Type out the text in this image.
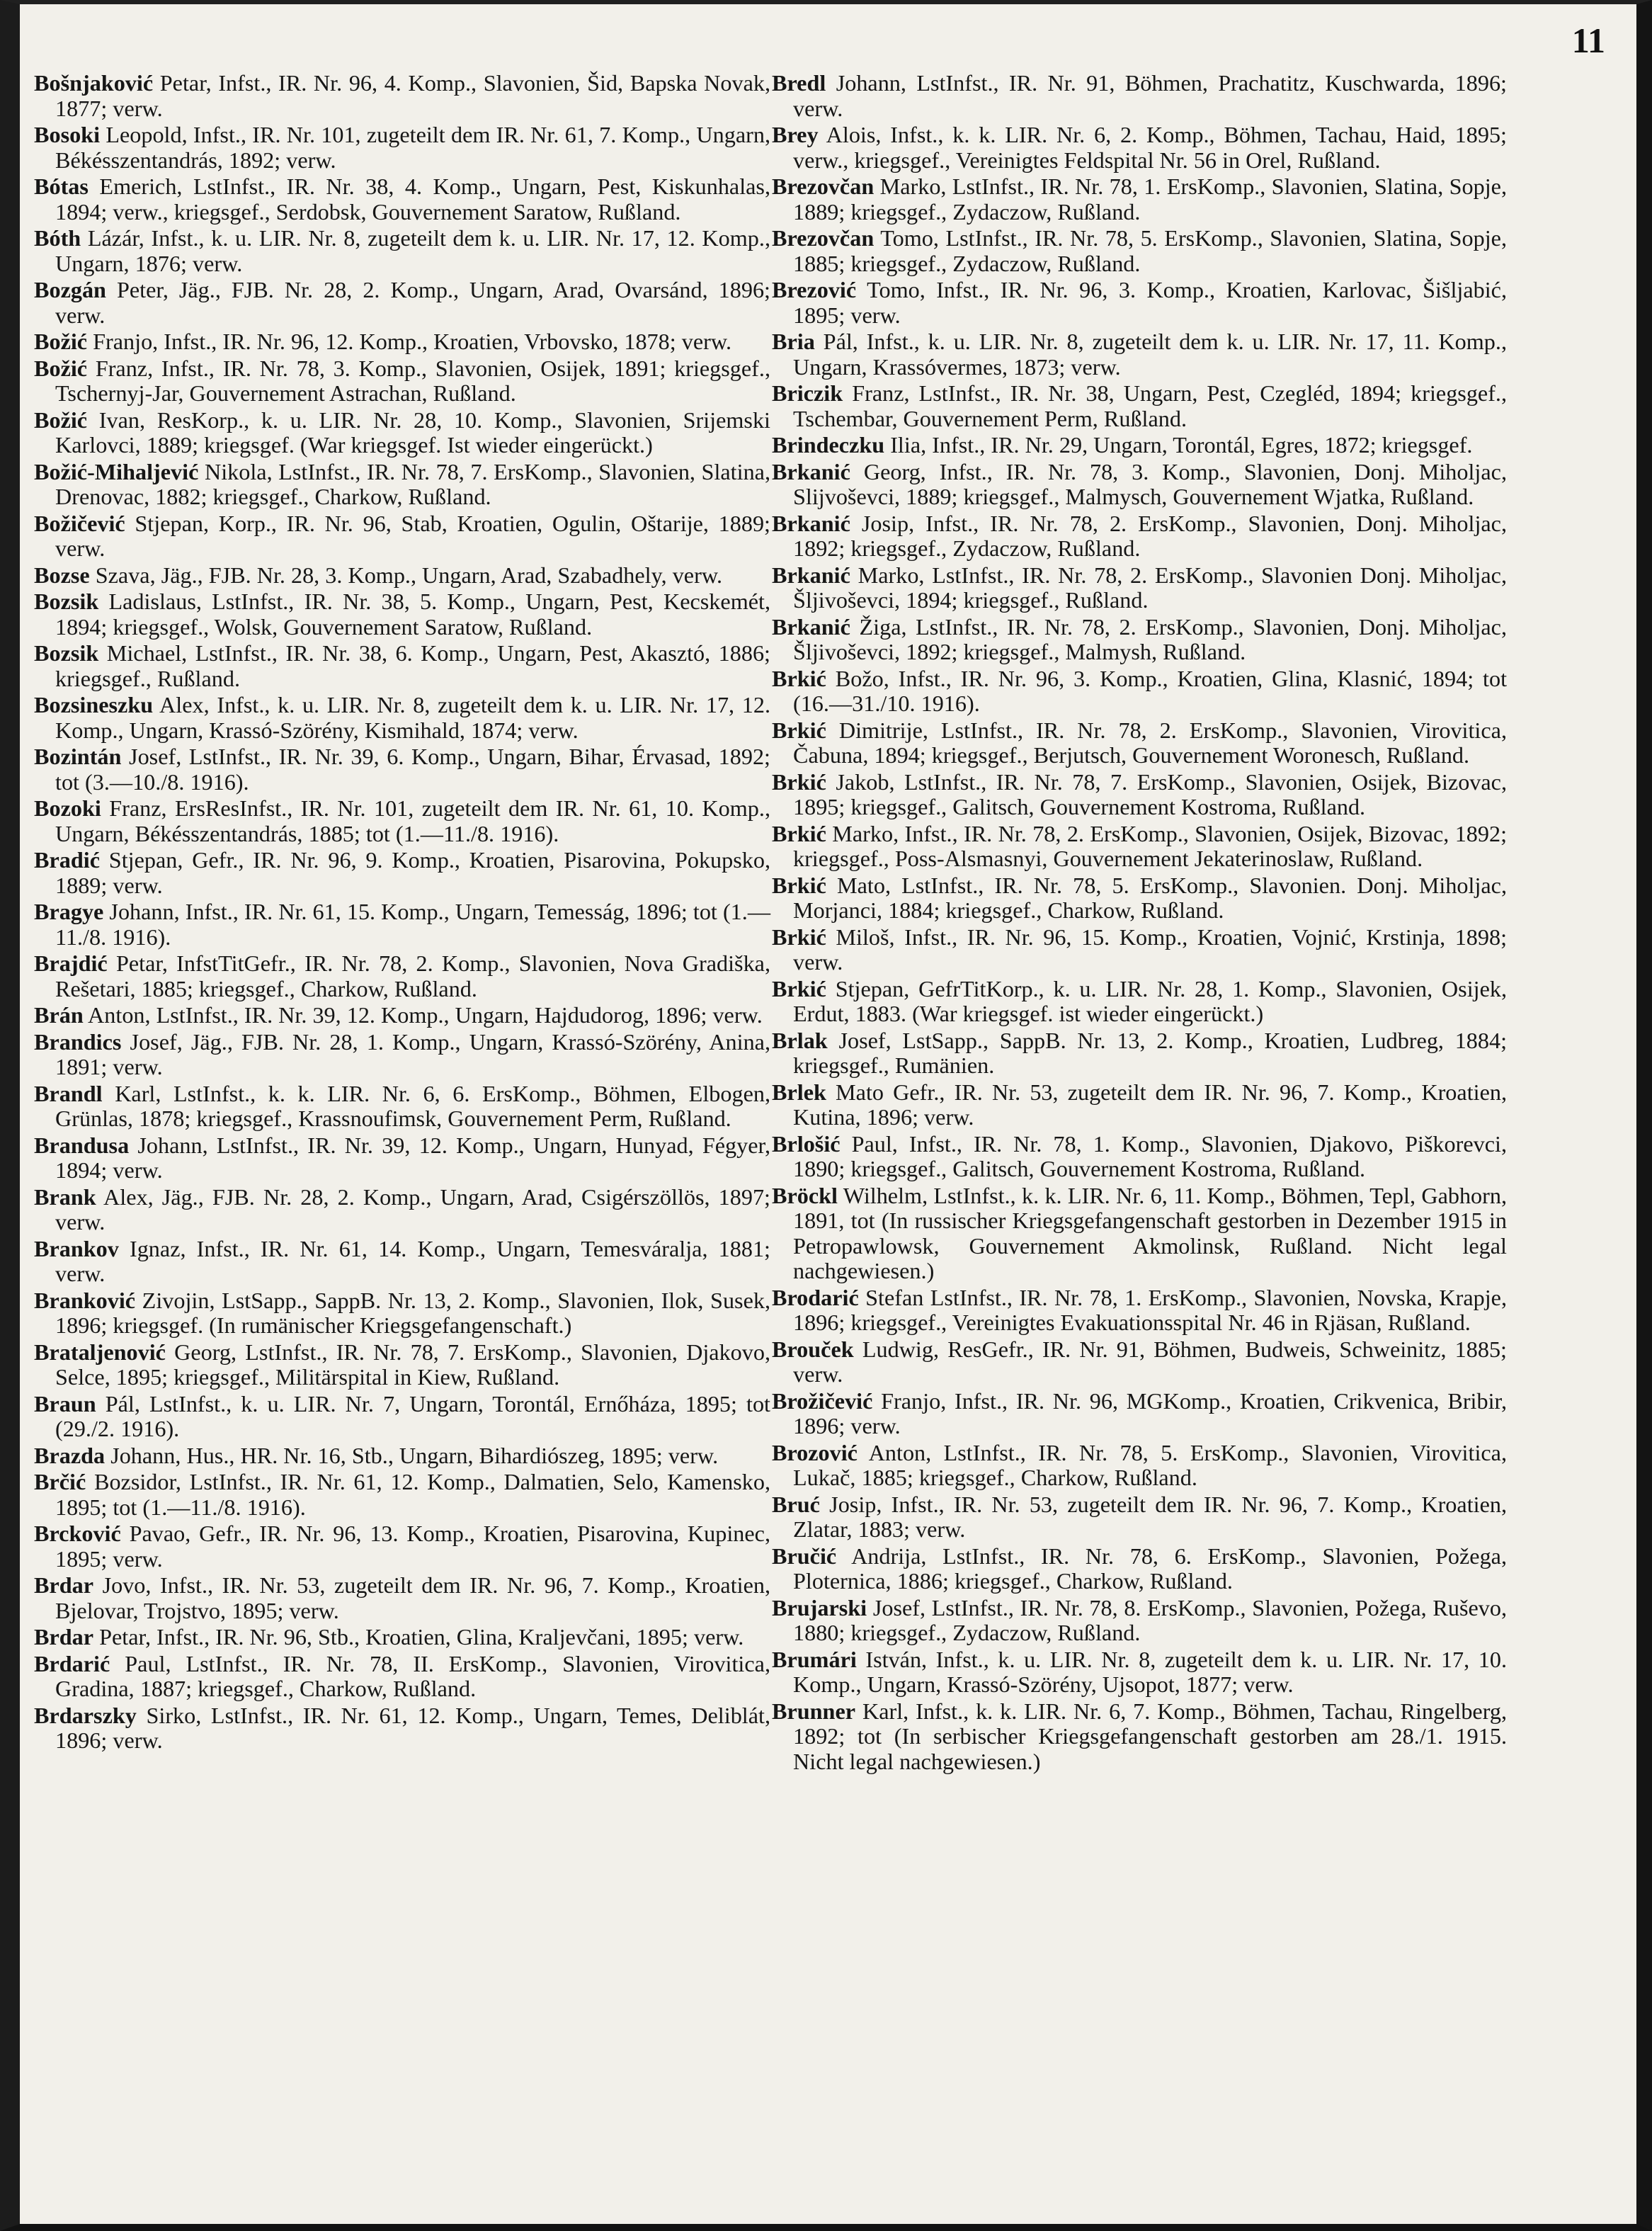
11

Bošnjaković Petar, Infst., IR. Nr. 96, 4. Komp., Slavonien, Šid, Bapska Novak, 1877; verw.

Bosoki Leopold, Infst., IR. Nr. 101, zugeteilt dem IR. Nr. 61, 7. Komp., Ungarn, Békésszentandrás, 1892; verw.

Bótas Emerich, LstInfst., IR. Nr. 38, 4. Komp., Ungarn, Pest, Kiskunhalas, 1894; verw., kriegsgef., Serdobsk, Gouvernement Saratow, Rußland.

Bóth Lázár, Infst., k. u. LIR. Nr. 8, zugeteilt dem k. u. LIR. Nr. 17, 12. Komp., Ungarn, 1876; verw.

Bozgán Peter, Jäg., FJB. Nr. 28, 2. Komp., Ungarn, Arad, Ovarsánd, 1896; verw.

Božić Franjo, Infst., IR. Nr. 96, 12. Komp., Kroatien, Vrbovsko, 1878; verw.

Božić Franz, Infst., IR. Nr. 78, 3. Komp., Slavonien, Osijek, 1891; kriegsgef., Tschernyj-Jar, Gouvernement Astrachan, Rußland.

Božić Ivan, ResKorp., k. u. LIR. Nr. 28, 10. Komp., Slavonien, Srijemski Karlovci, 1889; kriegsgef. (War kriegsgef. Ist wieder eingerückt.)

Božić-Mihaljević Nikola, LstInfst., IR. Nr. 78, 7. ErsKomp., Slavonien, Slatina, Drenovac, 1882; kriegsgef., Charkow, Rußland.

Božičević Stjepan, Korp., IR. Nr. 96, Stab, Kroatien, Ogulin, Oštarije, 1889; verw.

Bozse Szava, Jäg., FJB. Nr. 28, 3. Komp., Ungarn, Arad, Szabadhely, verw.

Bozsik Ladislaus, LstInfst., IR. Nr. 38, 5. Komp., Ungarn, Pest, Kecskemét, 1894; kriegsgef., Wolsk, Gouvernement Saratow, Rußland.

Bozsik Michael, LstInfst., IR. Nr. 38, 6. Komp., Ungarn, Pest, Akasztó, 1886; kriegsgef., Rußland.

Bozsineszku Alex, Infst., k. u. LIR. Nr. 8, zugeteilt dem k. u. LIR. Nr. 17, 12. Komp., Ungarn, Krassó-Szörény, Kismihald, 1874; verw.

Bozintán Josef, LstInfst., IR. Nr. 39, 6. Komp., Ungarn, Bihar, Érvasad, 1892; tot (3.—10./8. 1916).

Bozoki Franz, ErsResInfst., IR. Nr. 101, zugeteilt dem IR. Nr. 61, 10. Komp., Ungarn, Békésszentandrás, 1885; tot (1.—11./8. 1916).

Bradić Stjepan, Gefr., IR. Nr. 96, 9. Komp., Kroatien, Pisarovina, Pokupsko, 1889; verw.

Bragye Johann, Infst., IR. Nr. 61, 15. Komp., Ungarn, Temesság, 1896; tot (1.—11./8. 1916).

Brajdić Petar, InfstTitGefr., IR. Nr. 78, 2. Komp., Slavonien, Nova Gradiška, Rešetari, 1885; kriegsgef., Charkow, Rußland.

Brán Anton, LstInfst., IR. Nr. 39, 12. Komp., Ungarn, Hajdudorog, 1896; verw.

Brandics Josef, Jäg., FJB. Nr. 28, 1. Komp., Ungarn, Krassó-Szörény, Anina, 1891; verw.

Brandl Karl, LstInfst., k. k. LIR. Nr. 6, 6. ErsKomp., Böhmen, Elbogen, Grünlas, 1878; kriegsgef., Krassnoufimsk, Gouvernement Perm, Rußland.

Brandusa Johann, LstInfst., IR. Nr. 39, 12. Komp., Ungarn, Hunyad, Fégyer, 1894; verw.

Brank Alex, Jäg., FJB. Nr. 28, 2. Komp., Ungarn, Arad, Csigérszöllös, 1897; verw.

Brankov Ignaz, Infst., IR. Nr. 61, 14. Komp., Ungarn, Temesváralja, 1881; verw.

Branković Zivojin, LstSapp., SappB. Nr. 13, 2. Komp., Slavonien, Ilok, Susek, 1896; kriegsgef. (In rumänischer Kriegsgefangenschaft.)

Bratalјenović Georg, LstInfst., IR. Nr. 78, 7. ErsKomp., Slavonien, Djakovo, Selce, 1895; kriegsgef., Militärspital in Kiew, Rußland.

Braun Pál, LstInfst., k. u. LIR. Nr. 7, Ungarn, Torontál, Ernőháza, 1895; tot (29./2. 1916).

Brazda Johann, Hus., HR. Nr. 16, Stb., Ungarn, Bihardiószeg, 1895; verw.

Brčić Bozsidor, LstInfst., IR. Nr. 61, 12. Komp., Dalmatien, Selo, Kamensko, 1895; tot (1.—11./8. 1916).

Brcković Pavao, Gefr., IR. Nr. 96, 13. Komp., Kroatien, Pisarovina, Kupinec, 1895; verw.

Brdar Jovo, Infst., IR. Nr. 53, zugeteilt dem IR. Nr. 96, 7. Komp., Kroatien, Bjelovar, Trojstvo, 1895; verw.

Brdar Petar, Infst., IR. Nr. 96, Stb., Kroatien, Glina, Kraljevčani, 1895; verw.

Brdarić Paul, LstInfst., IR. Nr. 78, II. ErsKomp., Slavonien, Virovitica, Gradina, 1887; kriegsgef., Charkow, Rußland.

Brdarszky Sirko, LstInfst., IR. Nr. 61, 12. Komp., Ungarn, Temes, Deliblát, 1896; verw.

Bredl Johann, LstInfst., IR. Nr. 91, Böhmen, Prachatitz, Kuschwarda, 1896; verw.

Brey Alois, Infst., k. k. LIR. Nr. 6, 2. Komp., Böhmen, Tachau, Haid, 1895; verw., kriegsgef., Vereinigtes Feldspital Nr. 56 in Orel, Rußland.

Brezovčan Marko, LstInfst., IR. Nr. 78, 1. ErsKomp., Slavonien, Slatina, Sopje, 1889; kriegsgef., Zydaczow, Rußland.

Brezovčan Tomo, LstInfst., IR. Nr. 78, 5. ErsKomp., Slavonien, Slatina, Sopje, 1885; kriegsgef., Zydaczow, Rußland.

Brezović Tomo, Infst., IR. Nr. 96, 3. Komp., Kroatien, Karlovac, Šišljabić, 1895; verw.

Bria Pál, Infst., k. u. LIR. Nr. 8, zugeteilt dem k. u. LIR. Nr. 17, 11. Komp., Ungarn, Krassóvermes, 1873; verw.

Briczik Franz, LstInfst., IR. Nr. 38, Ungarn, Pest, Czegléd, 1894; kriegsgef., Tschembar, Gouvernement Perm, Rußland.

Brindeczku Ilia, Infst., IR. Nr. 29, Ungarn, Torontál, Egres, 1872; kriegsgef.

Brkanić Georg, Infst., IR. Nr. 78, 3. Komp., Slavonien, Donj. Miholjac, Slijvoševci, 1889; kriegsgef., Malmysch, Gouvernement Wjatka, Rußland.

Brkanić Josip, Infst., IR. Nr. 78, 2. ErsKomp., Slavonien, Donj. Miholjac, 1892; kriegsgef., Zydaczow, Rußland.

Brkanić Marko, LstInfst., IR. Nr. 78, 2. ErsKomp., Slavonien Donj. Miholjac, Šljivoševci, 1894; kriegsgef., Rußland.

Brkanić Žiga, LstInfst., IR. Nr. 78, 2. ErsKomp., Slavonien, Donj. Miholjac, Šljivoševci, 1892; kriegsgef., Malmysh, Rußland.

Brkić Božo, Infst., IR. Nr. 96, 3. Komp., Kroatien, Glina, Klasnić, 1894; tot (16.—31./10. 1916).

Brkić Dimitrije, LstInfst., IR. Nr. 78, 2. ErsKomp., Slavonien, Virovitica, Čabuna, 1894; kriegsgef., Berjutsch, Gouvernement Woronesch, Rußland.

Brkić Jakob, LstInfst., IR. Nr. 78, 7. ErsKomp., Slavonien, Osijek, Bizovac, 1895; kriegsgef., Galitsch, Gouvernement Kostroma, Rußland.

Brkić Marko, Infst., IR. Nr. 78, 2. ErsKomp., Slavonien, Osijek, Bizovac, 1892; kriegsgef., Poss-Alsmasnyi, Gouvernement Jekaterinoslaw, Rußland.

Brkić Mato, LstInfst., IR. Nr. 78, 5. ErsKomp., Slavonien. Donj. Miholjac, Morjanci, 1884; kriegsgef., Charkow, Rußland.

Brkić Miloš, Infst., IR. Nr. 96, 15. Komp., Kroatien, Vojnić, Krstinja, 1898; verw.

Brkić Stjepan, GefrTitKorp., k. u. LIR. Nr. 28, 1. Komp., Slavonien, Osijek, Erdut, 1883. (War kriegsgef. ist wieder eingerückt.)

Brlak Josef, LstSapp., SappB. Nr. 13, 2. Komp., Kroatien, Ludbreg, 1884; kriegsgef., Rumänien.

Brlek Mato Gefr., IR. Nr. 53, zugeteilt dem IR. Nr. 96, 7. Komp., Kroatien, Kutina, 1896; verw.

Brlošić Paul, Infst., IR. Nr. 78, 1. Komp., Slavonien, Djakovo, Piškorevci, 1890; kriegsgef., Galitsch, Gouvernement Kostroma, Rußland.

Bröckl Wilhelm, LstInfst., k. k. LIR. Nr. 6, 11. Komp., Böhmen, Tepl, Gabhorn, 1891, tot (In russischer Kriegsgefangenschaft gestorben in Dezember 1915 in Petropawlowsk, Gouvernement Akmolinsk, Rußland. Nicht legal nachgewiesen.)

Brodarić Stefan LstInfst., IR. Nr. 78, 1. ErsKomp., Slavonien, Novska, Krapje, 1896; kriegsgef., Vereinigtes Evakuationsspital Nr. 46 in Rjäsan, Rußland.

Brouček Ludwig, ResGefr., IR. Nr. 91, Böhmen, Budweis, Schweinitz, 1885; verw.

Brožičević Franjo, Infst., IR. Nr. 96, MGKomp., Kroatien, Crikvenica, Bribir, 1896; verw.

Brozović Anton, LstInfst., IR. Nr. 78, 5. ErsKomp., Slavonien, Virovitica, Lukač, 1885; kriegsgef., Charkow, Rußland.

Bruć Josip, Infst., IR. Nr. 53, zugeteilt dem IR. Nr. 96, 7. Komp., Kroatien, Zlatar, 1883; verw.

Bručić Andrija, LstInfst., IR. Nr. 78, 6. ErsKomp., Slavonien, Požega, Ploternica, 1886; kriegsgef., Charkow, Rußland.

Brujarski Josef, LstInfst., IR. Nr. 78, 8. ErsKomp., Slavonien, Požega, Ruševo, 1880; kriegsgef., Zydaczow, Rußland.

Brumári István, Infst., k. u. LIR. Nr. 8, zugeteilt dem k. u. LIR. Nr. 17, 10. Komp., Ungarn, Krassó-Szörény, Ujsopot, 1877; verw.

Brunner Karl, Infst., k. k. LIR. Nr. 6, 7. Komp., Böhmen, Tachau, Ringelberg, 1892; tot (In serbischer Kriegsgefangenschaft gestorben am 28./1. 1915. Nicht legal nachgewiesen.)
